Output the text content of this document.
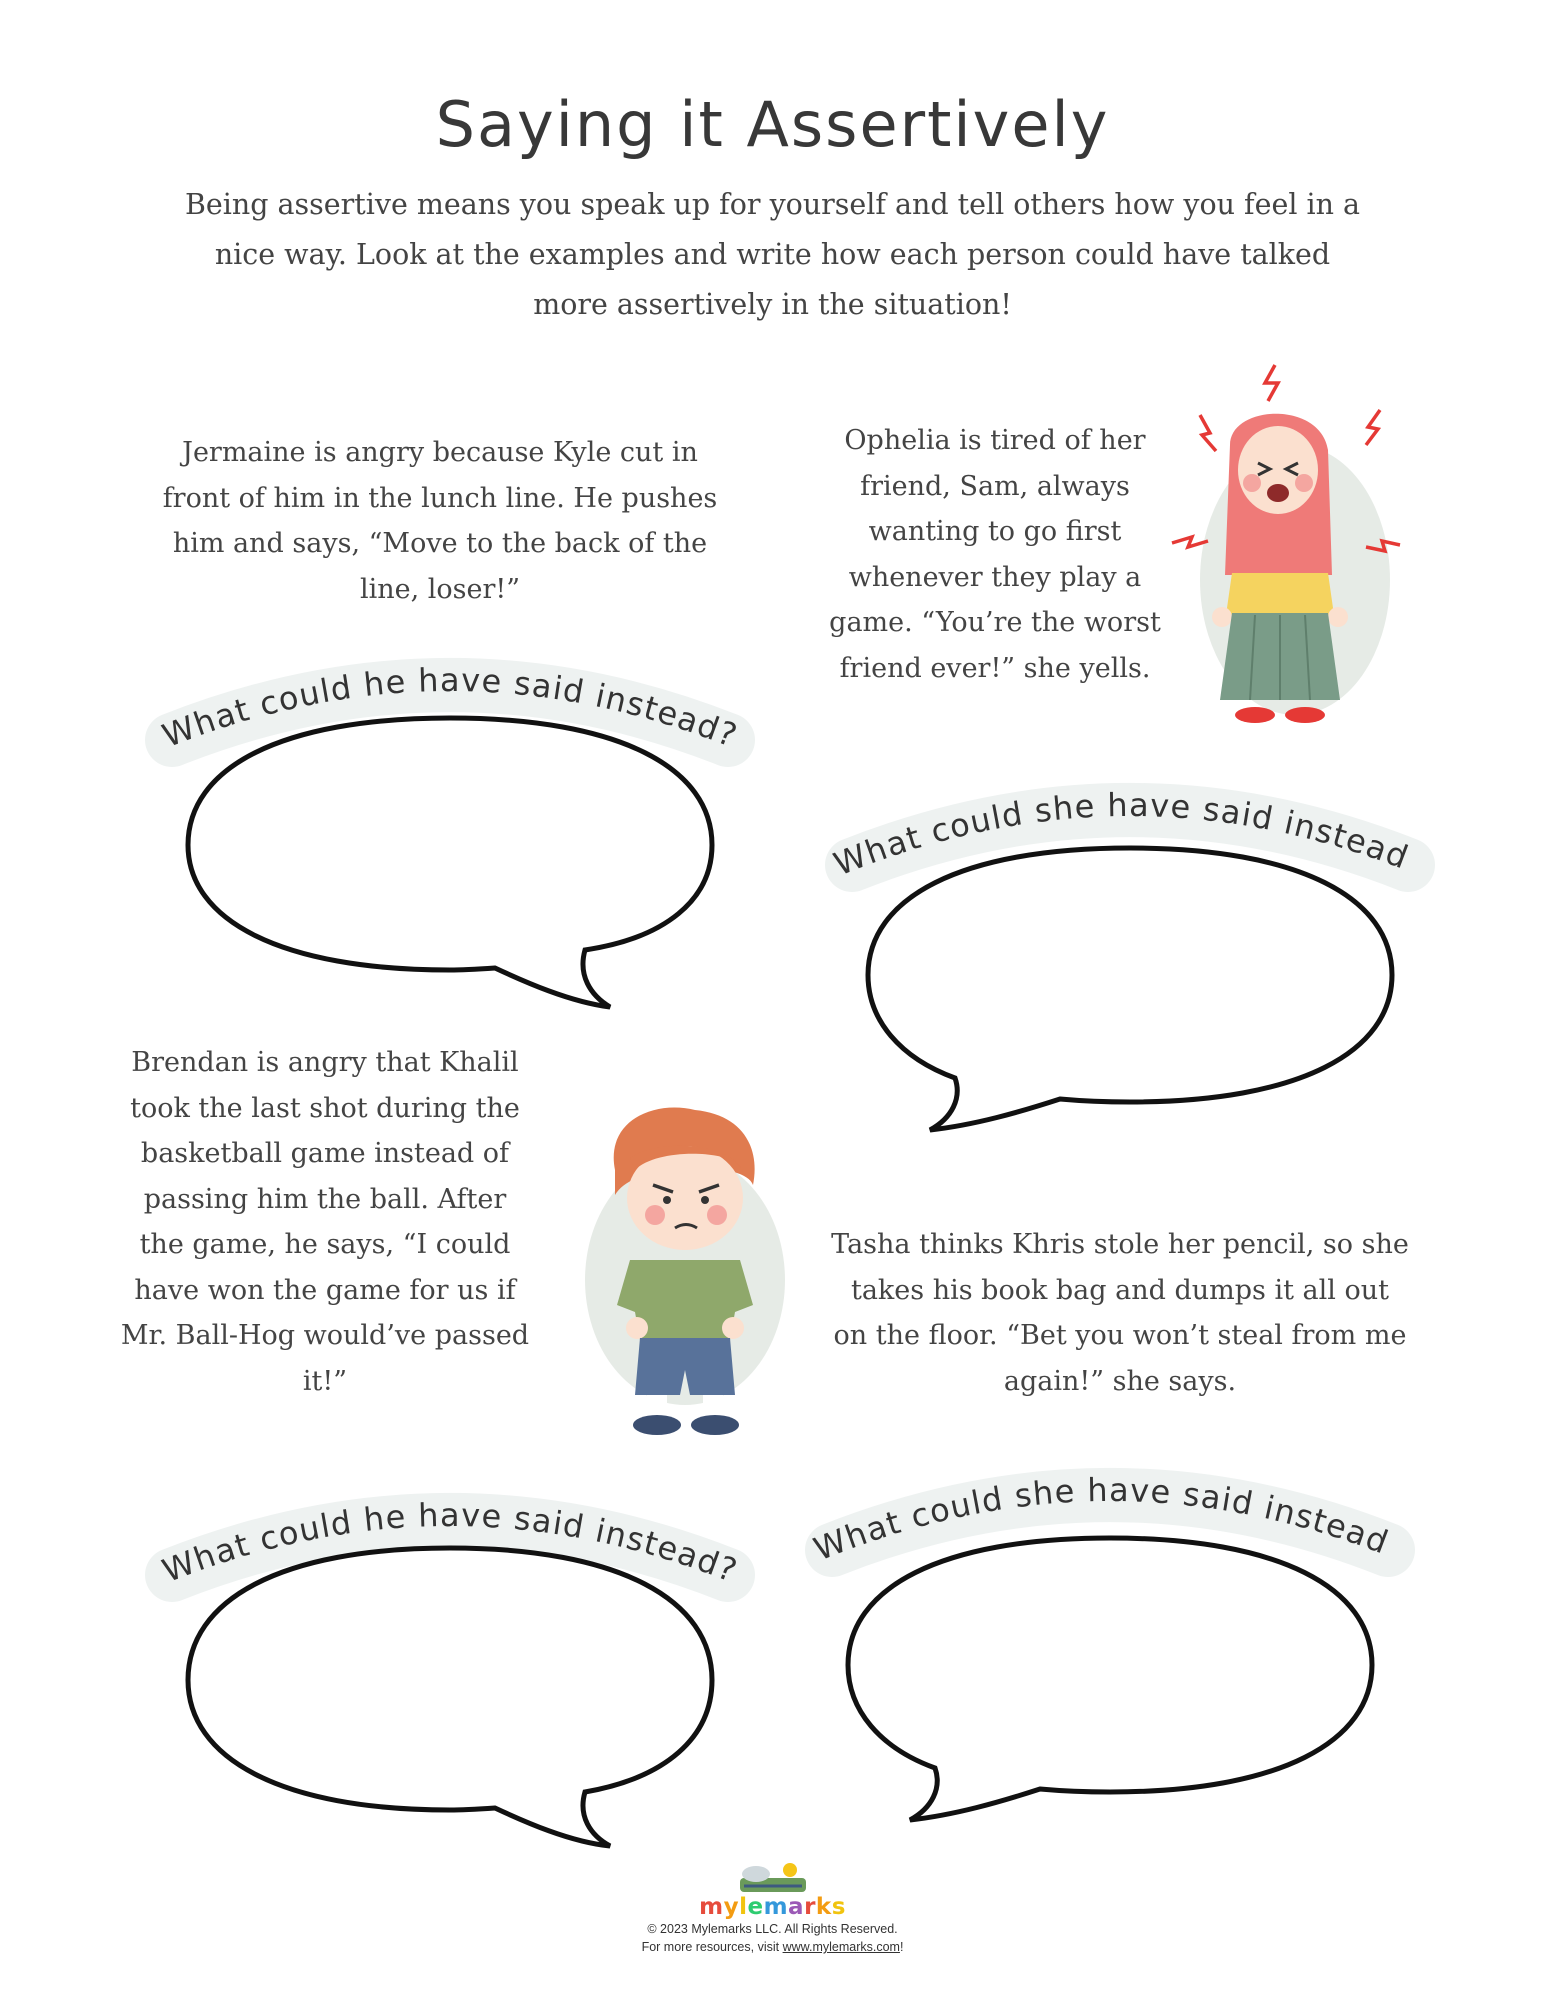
Saying it Assertively
Being assertive means you speak up for yourself and tell others how you feel in a nice way. Look at the examples and write how each person could have talked more assertively in the situation!
Jermaine is angry because Kyle cut in front of him in the lunch line. He pushes him and says, “Move to the back of the line, loser!”
Ophelia is tired of her friend, Sam, always wanting to go first whenever they play a game. “You’re the worst friend ever!” she yells.
Brendan is angry that Khalil took the last shot during the basketball game instead of passing him the ball. After the game, he says, “I could have won the game for us if Mr. Ball-Hog would’ve passed it!”
Tasha thinks Khris stole her pencil, so she takes his book bag and dumps it all out on the floor. “Bet you won’t steal from me again!” she says.
What could he have said instead?
What could she have said instead?
What could he have said instead?
What could she have said instead?
mylemarks
© 2023 Mylemarks LLC. All Rights Reserved.
For more resources, visit www.mylemarks.com!
